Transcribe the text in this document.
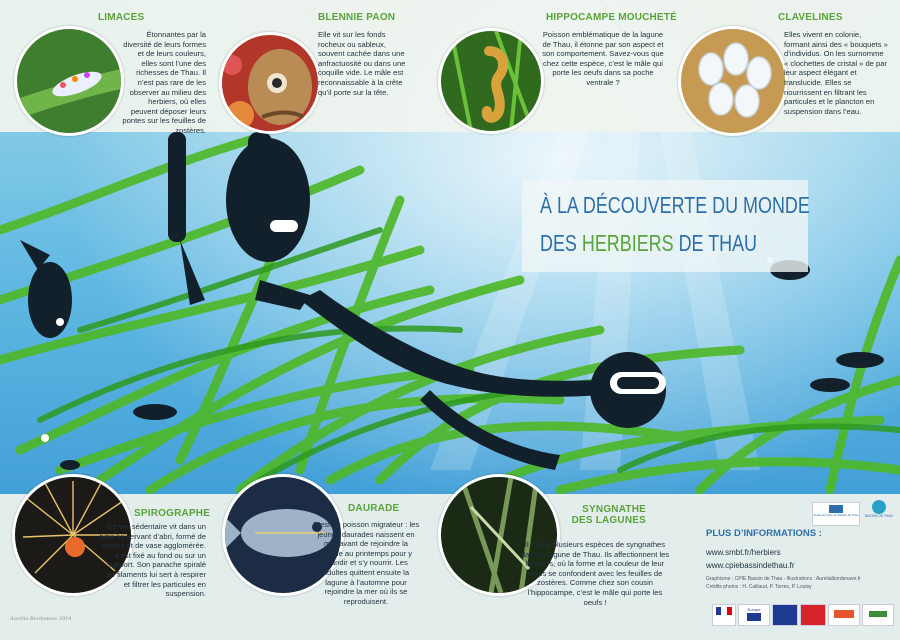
LIMACES

Étonnantes par la diversité de leurs formes et de leurs couleurs, elles sont l’une des richesses de Thau. Il n’est pas rare de les observer au milieu des herbiers, où elles peuvent déposer leurs pontes sur les feuilles de zostères.

BLENNIE PAON

Elle vit sur les fonds rocheux ou sableux, souvent cachée dans une anfractuosité ou dans une coquille vide. Le mâle est reconnaissable à la crête qu’il porte sur la tête.

HIPPOCAMPE MOUCHETÉ

Poisson emblématique de la lagune de Thau, il étonne par son aspect et son comportement. Savez-vous que chez cette espèce, c’est le mâle qui porte les oeufs dans sa poche ventrale ?

CLAVELINES

Elles vivent en colonie, formant ainsi des « bouquets » d’individus. On les surnomme « clochettes de cristal » de par leur aspect élégant et translucide. Elles se nourrissent en filtrant les particules et le plancton en suspension dans l’eau.

À LA DÉCOUVERTE DU MONDE
DES HERBIERS DE THAU
SPIROGRAPHE

Ce ver sédentaire vit dans un tube lui servant d’abri, formé de mucus et de vase agglomérée. Il est fixé au fond ou sur un support. Son panache spiralé de filaments lui sert à respirer et filtrer les particules en suspension.

DAURADE

C’est un poisson migrateur : les jeunes daurades naissent en mer avant de rejoindre la lagune au printemps pour y grandir et s’y nourrir. Les adultes quittent ensuite la lagune à l’automne pour rejoindre la mer où ils se reproduisent.

SYNGNATHE DES LAGUNES

Il existe plusieurs espèces de syngnathes dans la lagune de Thau. Ils affectionnent les herbiers, où la forme et la couleur de leur corps se confondent avec les feuilles de zostères. Comme chez son cousin l’hippocampe, c’est le mâle qui porte les oeufs !

PLUS D’INFORMATIONS :
www.smbt.fr/herbiers
www.cpiebassindethau.fr
Graphisme : CPIE Bassin de Thau - Illustrations : Aurelialbordenave.fr
Crédits photos : H. Caillaud, P. Torres, P. Louisy
Syndicat mixte du Bassin de Thau BASSIN DE THAU
Europe
Aurélia Bordenave 2014
